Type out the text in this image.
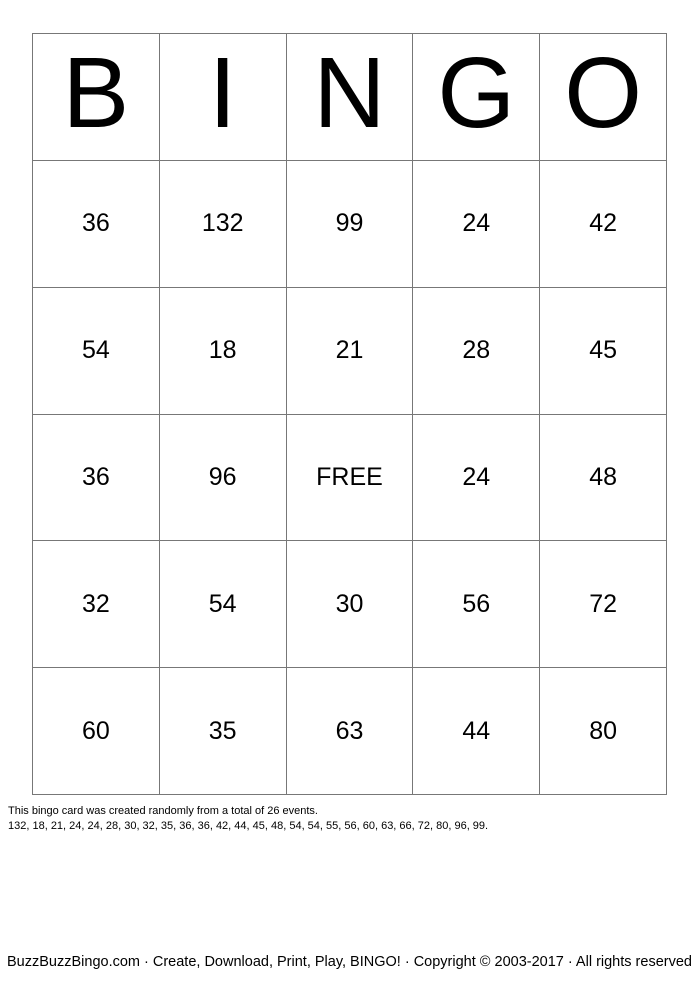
B I N G O
36	132	99	24	42
54	18	21	28	45
36	96	FREE	24	48
32	54	30	56	72
60	35	63	44	80
This bingo card was created randomly from a total of 26 events.
132, 18, 21, 24, 24, 28, 30, 32, 35, 36, 36, 42, 44, 45, 48, 54, 54, 55, 56, 60, 63, 66, 72, 80, 96, 99.
BuzzBuzzBingo.com · Create, Download, Print, Play, BINGO! · Copyright © 2003-2017 · All rights reserved
